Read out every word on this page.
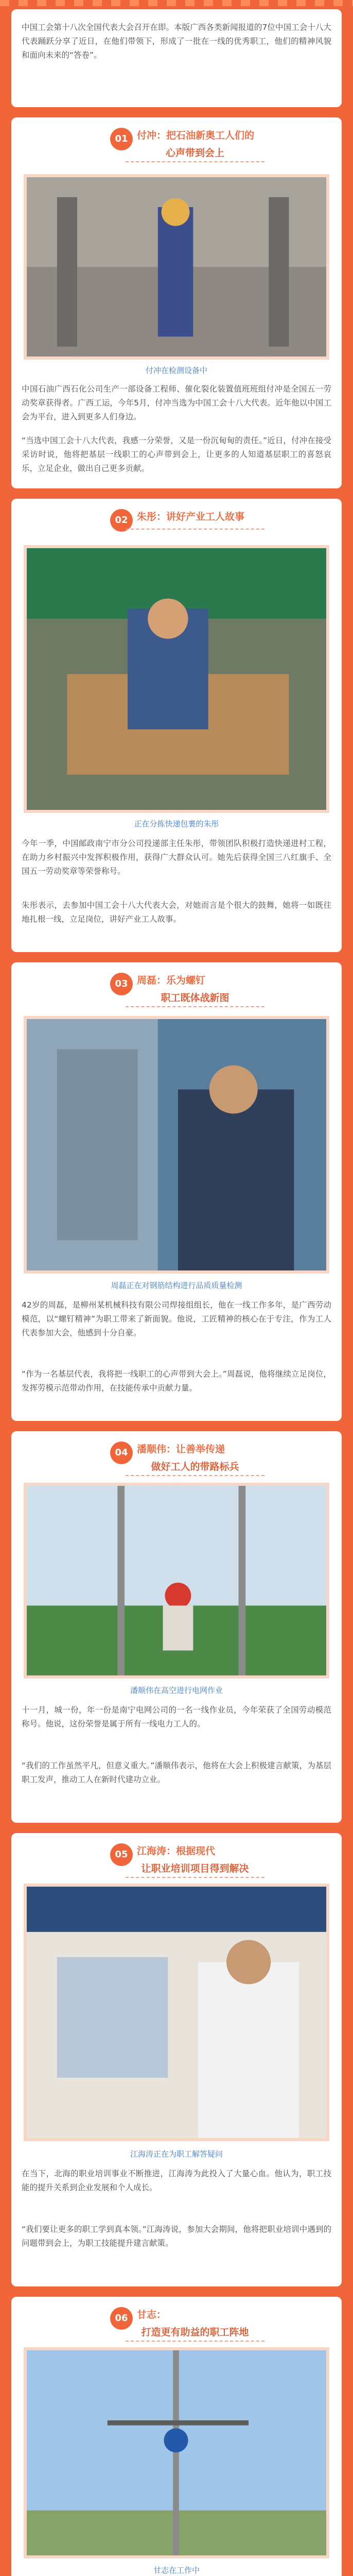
中国工会第十八次全国代表大会召开在即。本版广西各类新闻报道的7位中国工会十八大代表踊跃分享了近日，在他们带领下，形成了一批在一线的优秀职工，他们的精神风貌和面向未来的“答卷”。

01 付冲：把石油新奥工人们的
心声带到会上
付冲在检测设备中

中国石油广西石化公司生产一部设备工程师、催化裂化装置值班班组付冲是全国五一劳动奖章获得者。广西工运，今年5月，付冲当选为中国工会十八大代表。近年他以中国工会为平台，进入到更多人们身边。

“当选中国工会十八大代表，我感一分荣誉，又是一份沉甸甸的责任。”近日，付冲在接受采访时说，他将把基层一线职工的心声带到会上，让更多的人知道基层职工的喜怒哀乐，立足企业，做出自己更多贡献。

02 朱彤：讲好产业工人故事
正在分拣快递包裹的朱彤

今年一季，中国邮政南宁市分公司投递部主任朱彤，带领团队积极打造快递进村工程，在助力乡村振兴中发挥积极作用，获得广大群众认可。她先后获得全国三八红旗手、全国五一劳动奖章等荣誉称号。

朱彤表示，去参加中国工会十八大代表大会，对她而言是个很大的鼓舞，她将一如既往地扎根一线，立足岗位，讲好产业工人故事。

03 周磊：乐为螺钉
职工既体战新图
周磊正在对钢筋结构进行品质质量检测

42岁的周磊，是柳州某机械科技有限公司焊接组组长，他在一线工作多年，是广西劳动模范，以“螺钉精神”为职工带来了新面貌。他说，工匠精神的核心在于专注，作为工人代表参加大会，他感到十分自豪。

“作为一名基层代表，我将把一线职工的心声带到大会上。”周磊说，他将继续立足岗位，发挥劳模示范带动作用，在技能传承中贡献力量。

04 潘顺伟：让善举传递
做好工人的带路标兵
潘顺伟在高空进行电网作业

十一月，城一份，年一份是南宁电网公司的一名一线作业员，今年荣获了全国劳动模范称号。他说，这份荣誉是属于所有一线电力工人的。

“我们的工作虽然平凡，但意义重大。”潘顺伟表示，他将在大会上积极建言献策，为基层职工发声，推动工人在新时代建功立业。

05 江海涛：根据现代
让职业培训项目得到解决
江海涛正在为职工解答疑问

在当下，北海的职业培训事业不断推进，江海涛为此投入了大量心血。他认为，职工技能的提升关系到企业发展和个人成长。

“我们要让更多的职工学到真本领。”江海涛说，参加大会期间，他将把职业培训中遇到的问题带到会上，为职工技能提升建言献策。

06 甘志：
打造更有助益的职工阵地
甘志在工作中
